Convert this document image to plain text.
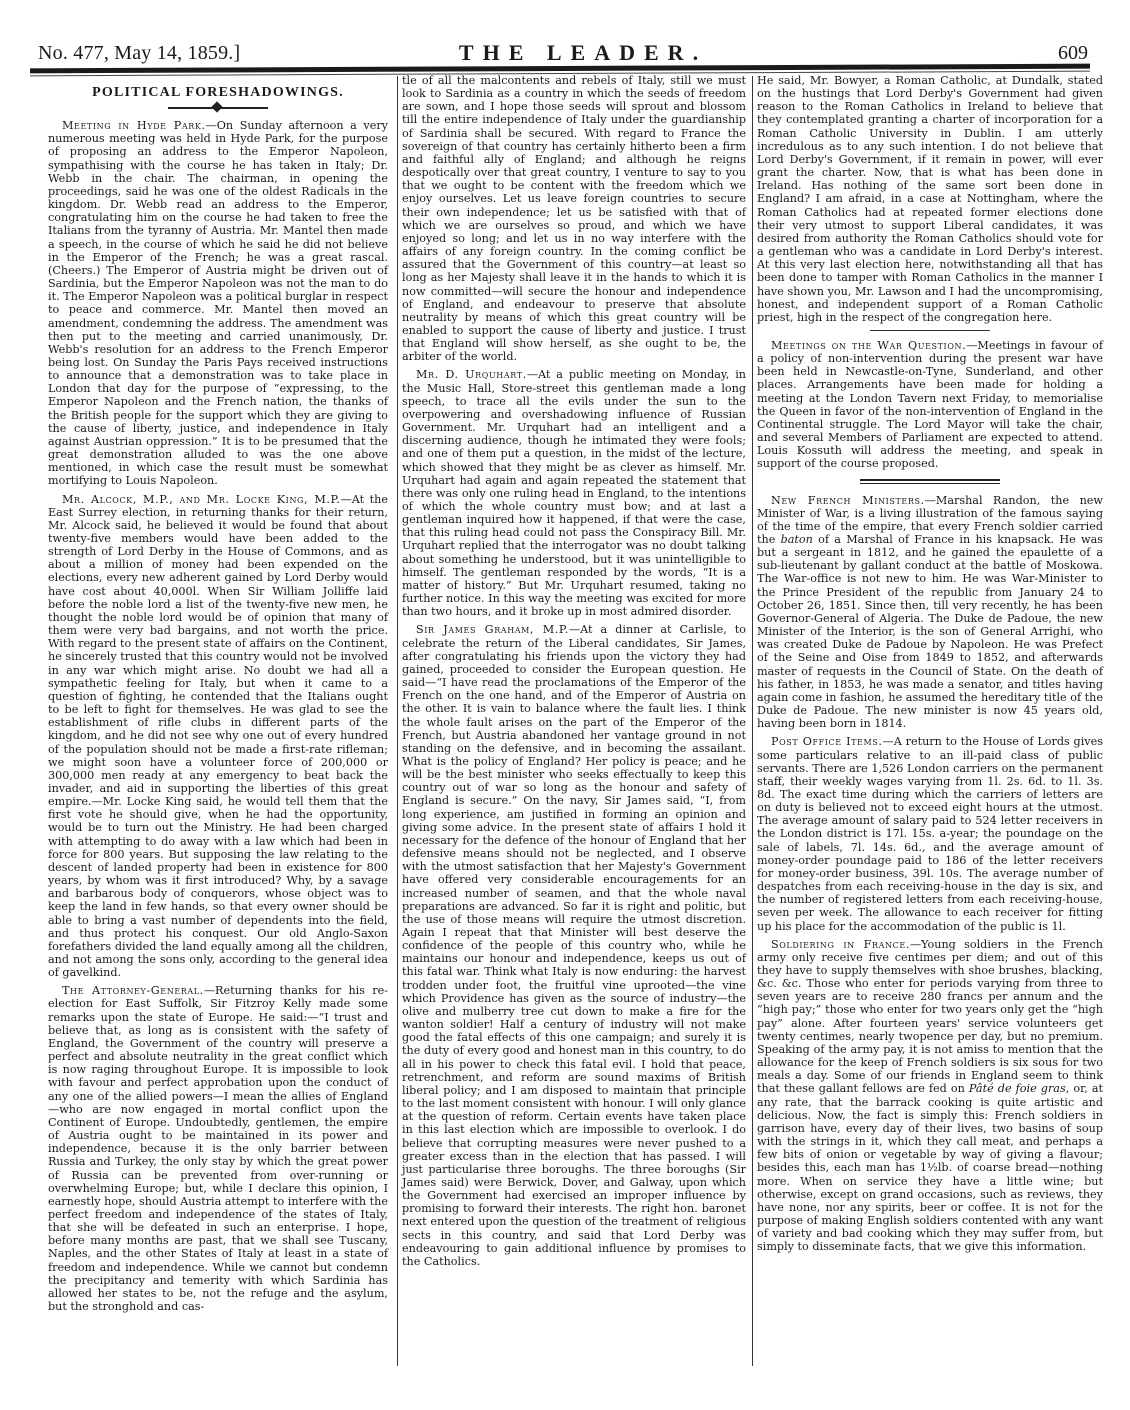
No. 477, May 14, 1859.]	THE LEADER.	609
POLITICAL FORESHADOWINGS.

Meeting in Hyde Park.—On Sunday afternoon a very numerous meeting was held in Hyde Park, for the purpose of proposing an address to the Emperor Napoleon, sympathising with the course he has taken in Italy; Dr. Webb in the chair. The chairman, in opening the proceedings, said he was one of the oldest Radicals in the kingdom. Dr. Webb read an address to the Emperor, congratulating him on the course he had taken to free the Italians from the tyranny of Austria. Mr. Mantel then made a speech, in the course of which he said he did not believe in the Emperor of the French; he was a great rascal. (Cheers.) The Emperor of Austria might be driven out of Sardinia, but the Emperor Napoleon was not the man to do it. The Emperor Napoleon was a political burglar in respect to peace and commerce. Mr. Mantel then moved an amendment, condemning the address. The amendment was then put to the meeting and carried unanimously, Dr. Webb's resolution for an address to the French Emperor being lost. On Sunday the Paris Pays received instructions to announce that a demonstration was to take place in London that day for the purpose of “expressing, to the Emperor Napoleon and the French nation, the thanks of the British people for the support which they are giving to the cause of liberty, justice, and independence in Italy against Austrian oppression.” It is to be presumed that the great demonstration alluded to was the one above mentioned, in which case the result must be somewhat mortifying to Louis Napoleon.

Mr. Alcock, M.P., and Mr. Locke King, M.P.—At the East Surrey election, in returning thanks for their return, Mr. Alcock said, he believed it would be found that about twenty-five members would have been added to the strength of Lord Derby in the House of Commons, and as about a million of money had been expended on the elections, every new adherent gained by Lord Derby would have cost about 40,000l. When Sir William Jolliffe laid before the noble lord a list of the twenty-five new men, he thought the noble lord would be of opinion that many of them were very bad bargains, and not worth the price. With regard to the present state of affairs on the Continent, he sincerely trusted that this country would not be involved in any war which might arise. No doubt we had all a sympathetic feeling for Italy, but when it came to a question of fighting, he contended that the Italians ought to be left to fight for themselves. He was glad to see the establishment of rifle clubs in different parts of the kingdom, and he did not see why one out of every hundred of the population should not be made a first-rate rifleman; we might soon have a volunteer force of 200,000 or 300,000 men ready at any emergency to beat back the invader, and aid in supporting the liberties of this great empire.—Mr. Locke King said, he would tell them that the first vote he should give, when he had the opportunity, would be to turn out the Ministry. He had been charged with attempting to do away with a law which had been in force for 800 years. But supposing the law relating to the descent of landed property had been in existence for 800 years, by whom was it first introduced? Why, by a savage and barbarous body of conquerors, whose object was to keep the land in few hands, so that every owner should be able to bring a vast number of dependents into the field, and thus protect his conquest. Our old Anglo-Saxon forefathers divided the land equally among all the children, and not among the sons only, according to the general idea of gavelkind.

The Attorney-General.—Returning thanks for his re-election for East Suffolk, Sir Fitzroy Kelly made some remarks upon the state of Europe. He said:—“I trust and believe that, as long as is consistent with the safety of England, the Government of the country will preserve a perfect and absolute neutrality in the great conflict which is now raging throughout Europe. It is impossible to look with favour and perfect approbation upon the conduct of any one of the allied powers—I mean the allies of England—who are now engaged in mortal conflict upon the Continent of Europe. Undoubtedly, gentlemen, the empire of Austria ought to be maintained in its power and independence, because it is the only barrier between Russia and Turkey, the only stay by which the great power of Russia can be prevented from over-running or overwhelming Europe; but, while I declare this opinion, I earnestly hope, should Austria attempt to interfere with the perfect freedom and independence of the states of Italy, that she will be defeated in such an enterprise. I hope, before many months are past, that we shall see Tuscany, Naples, and the other States of Italy at least in a state of freedom and independence. While we cannot but condemn the precipitancy and temerity with which Sardinia has allowed her states to be, not the refuge and the asylum, but the stronghold and cas-

tle of all the malcontents and rebels of Italy, still we must look to Sardinia as a country in which the seeds of freedom are sown, and I hope those seeds will sprout and blossom till the entire independence of Italy under the guardianship of Sardinia shall be secured. With regard to France the sovereign of that country has certainly hitherto been a firm and faithful ally of England; and although he reigns despotically over that great country, I venture to say to you that we ought to be content with the freedom which we enjoy ourselves. Let us leave foreign countries to secure their own independence; let us be satisfied with that of which we are ourselves so proud, and which we have enjoyed so long; and let us in no way interfere with the affairs of any foreign country. In the coming conflict be assured that the Government of this country—at least so long as her Majesty shall leave it in the hands to which it is now committed—will secure the honour and independence of England, and endeavour to preserve that absolute neutrality by means of which this great country will be enabled to support the cause of liberty and justice. I trust that England will show herself, as she ought to be, the arbiter of the world.

Mr. D. Urquhart.—At a public meeting on Monday, in the Music Hall, Store-street this gentleman made a long speech, to trace all the evils under the sun to the overpowering and overshadowing influence of Russian Government. Mr. Urquhart had an intelligent and a discerning audience, though he intimated they were fools; and one of them put a question, in the midst of the lecture, which showed that they might be as clever as himself. Mr. Urquhart had again and again repeated the statement that there was only one ruling head in England, to the intentions of which the whole country must bow; and at last a gentleman inquired how it happened, if that were the case, that this ruling head could not pass the Conspiracy Bill. Mr. Urquhart replied that the interrogator was no doubt talking about something he understood, but it was unintelligible to himself. The gentleman responded by the words, “It is a matter of history.” But Mr. Urquhart resumed, taking no further notice. In this way the meeting was excited for more than two hours, and it broke up in most admired disorder.

Sir James Graham, M.P.—At a dinner at Carlisle, to celebrate the return of the Liberal candidates, Sir James, after congratulating his friends upon the victory they had gained, proceeded to consider the European question. He said—“I have read the proclamations of the Emperor of the French on the one hand, and of the Emperor of Austria on the other. It is vain to balance where the fault lies. I think the whole fault arises on the part of the Emperor of the French, but Austria abandoned her vantage ground in not standing on the defensive, and in becoming the assailant. What is the policy of England? Her policy is peace; and he will be the best minister who seeks effectually to keep this country out of war so long as the honour and safety of England is secure.” On the navy, Sir James said, “I, from long experience, am justified in forming an opinion and giving some advice. In the present state of affairs I hold it necessary for the defence of the honour of England that her defensive means should not be neglected, and I observe with the utmost satisfaction that her Majesty's Government have offered very considerable encouragements for an increased number of seamen, and that the whole naval preparations are advanced. So far it is right and politic, but the use of those means will require the utmost discretion. Again I repeat that that Minister will best deserve the confidence of the people of this country who, while he maintains our honour and independence, keeps us out of this fatal war. Think what Italy is now enduring: the harvest trodden under foot, the fruitful vine uprooted—the vine which Providence has given as the source of industry—the olive and mulberry tree cut down to make a fire for the wanton soldier! Half a century of industry will not make good the fatal effects of this one campaign; and surely it is the duty of every good and honest man in this country, to do all in his power to check this fatal evil. I hold that peace, retrenchment, and reform are sound maxims of British liberal policy; and I am disposed to maintain that principle to the last moment consistent with honour. I will only glance at the question of reform. Certain events have taken place in this last election which are impossible to overlook. I do believe that corrupting measures were never pushed to a greater excess than in the election that has passed. I will just particularise three boroughs. The three boroughs (Sir James said) were Berwick, Dover, and Galway, upon which the Government had exercised an improper influence by promising to forward their interests. The right hon. baronet next entered upon the question of the treatment of religious sects in this country, and said that Lord Derby was endeavouring to gain additional influence by promises to the Catholics.

He said, Mr. Bowyer, a Roman Catholic, at Dundalk, stated on the hustings that Lord Derby's Government had given reason to the Roman Catholics in Ireland to believe that they contemplated granting a charter of incorporation for a Roman Catholic University in Dublin. I am utterly incredulous as to any such intention. I do not believe that Lord Derby's Government, if it remain in power, will ever grant the charter. Now, that is what has been done in Ireland. Has nothing of the same sort been done in England? I am afraid, in a case at Nottingham, where the Roman Catholics had at repeated former elections done their very utmost to support Liberal candidates, it was desired from authority the Roman Catholics should vote for a gentleman who was a candidate in Lord Derby's interest. At this very last election here, notwithstanding all that has been done to tamper with Roman Catholics in the manner I have shown you, Mr. Lawson and I had the uncompromising, honest, and independent support of a Roman Catholic priest, high in the respect of the congregation here.

Meetings on the War Question.—Meetings in favour of a policy of non-intervention during the present war have been held in Newcastle-on-Tyne, Sunderland, and other places. Arrangements have been made for holding a meeting at the London Tavern next Friday, to memorialise the Queen in favor of the non-intervention of England in the Continental struggle. The Lord Mayor will take the chair, and several Members of Parliament are expected to attend. Louis Kossuth will address the meeting, and speak in support of the course proposed.

New French Ministers.—Marshal Randon, the new Minister of War, is a living illustration of the famous saying of the time of the empire, that every French soldier carried the baton of a Marshal of France in his knapsack. He was but a sergeant in 1812, and he gained the epaulette of a sub-lieutenant by gallant conduct at the battle of Moskowa. The War-office is not new to him. He was War-Minister to the Prince President of the republic from January 24 to October 26, 1851. Since then, till very recently, he has been Governor-General of Algeria. The Duke de Padoue, the new Minister of the Interior, is the son of General Arrighi, who was created Duke de Padoue by Napoleon. He was Prefect of the Seine and Oise from 1849 to 1852, and afterwards master of requests in the Council of State. On the death of his father, in 1853, he was made a senator, and titles having again come in fashion, he assumed the hereditary title of the Duke de Padoue. The new minister is now 45 years old, having been born in 1814.

Post Office Items.—A return to the House of Lords gives some particulars relative to an ill-paid class of public servants. There are 1,526 London carriers on the permanent staff, their weekly wages varying from 1l. 2s. 6d. to 1l. 3s. 8d. The exact time during which the carriers of letters are on duty is believed not to exceed eight hours at the utmost. The average amount of salary paid to 524 letter receivers in the London district is 17l. 15s. a-year; the poundage on the sale of labels, 7l. 14s. 6d., and the average amount of money-order poundage paid to 186 of the letter receivers for money-order business, 39l. 10s. The average number of despatches from each receiving-house in the day is six, and the number of registered letters from each receiving-house, seven per week. The allowance to each receiver for fitting up his place for the accommodation of the public is 1l.

Soldiering in France.—Young soldiers in the French army only receive five centimes per diem; and out of this they have to supply themselves with shoe brushes, blacking, &c. &c. Those who enter for periods varying from three to seven years are to receive 280 francs per annum and the “high pay;” those who enter for two years only get the “high pay” alone. After fourteen years' service volunteers get twenty centimes, nearly twopence per day, but no premium. Speaking of the army pay, it is not amiss to mention that the allowance for the keep of French soldiers is six sous for two meals a day. Some of our friends in England seem to think that these gallant fellows are fed on Pâté de foie gras, or, at any rate, that the barrack cooking is quite artistic and delicious. Now, the fact is simply this: French soldiers in garrison have, every day of their lives, two basins of soup with the strings in it, which they call meat, and perhaps a few bits of onion or vegetable by way of giving a flavour; besides this, each man has 1½lb. of coarse bread—nothing more. When on service they have a little wine; but otherwise, except on grand occasions, such as reviews, they have none, nor any spirits, beer or coffee. It is not for the purpose of making English soldiers contented with any want of variety and bad cooking which they may suffer from, but simply to disseminate facts, that we give this information.
